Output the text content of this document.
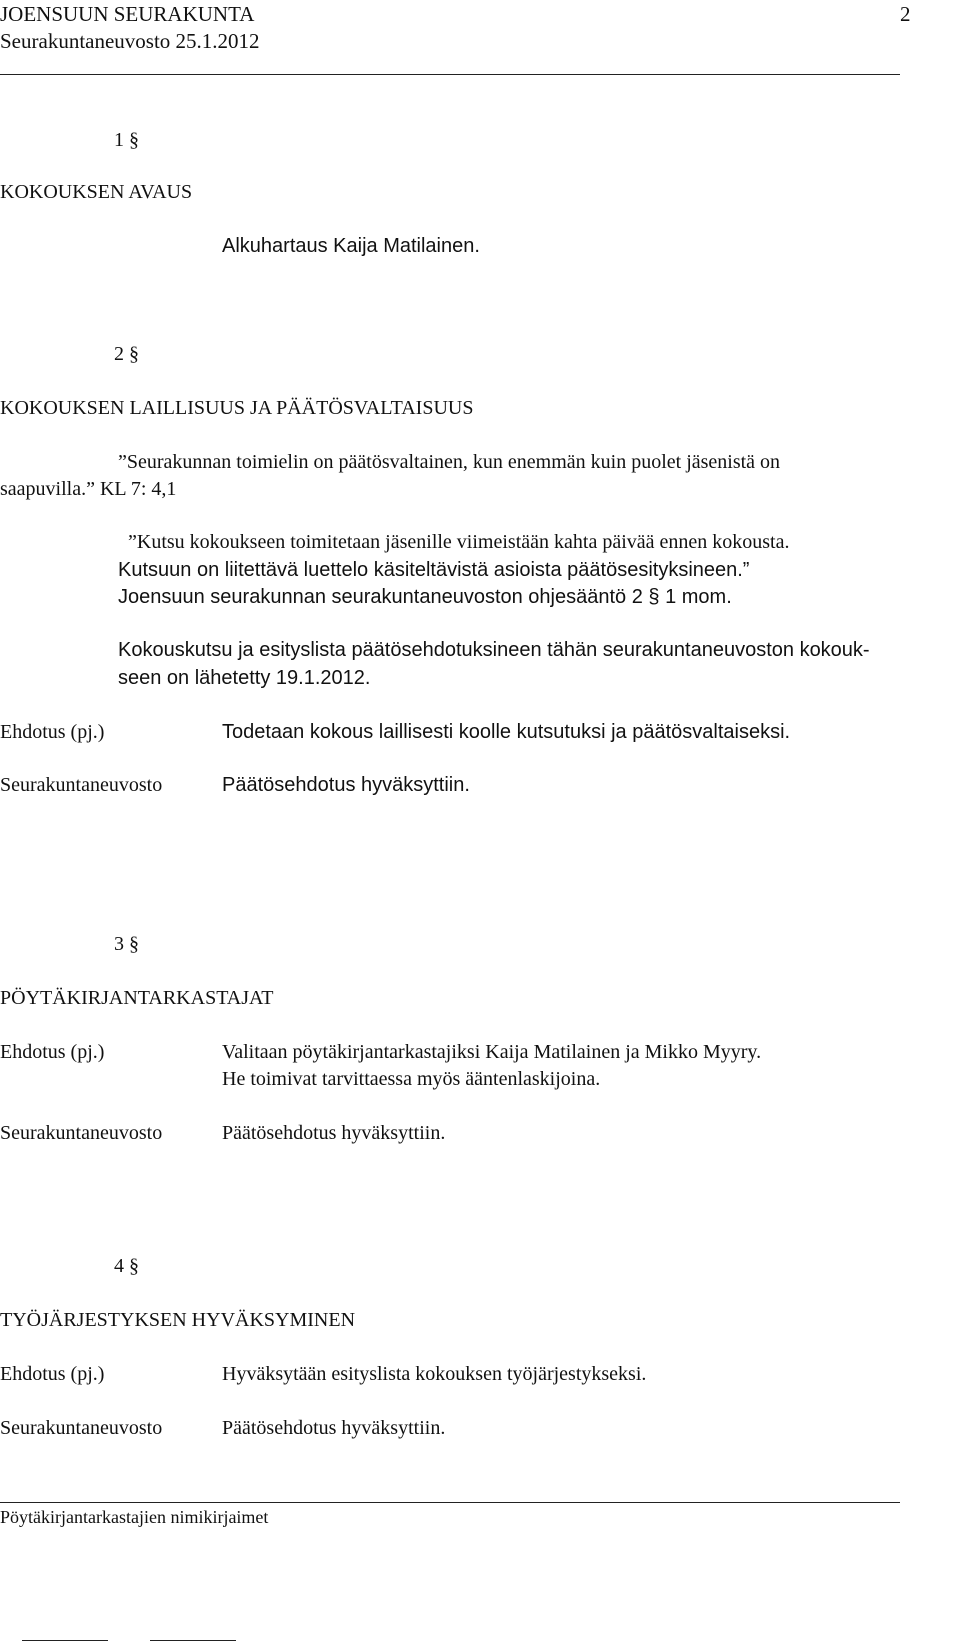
JOENSUUN SEURAKUNTA	2
Seurakuntaneuvosto 25.1.2012
1 §
KOKOUKSEN AVAUS
Alkuhartaus Kaija Matilainen.
2 §
KOKOUKSEN LAILLISUUS JA PÄÄTÖSVALTAISUUS
”Seurakunnan toimielin on päätösvaltainen, kun enemmän kuin puolet jäsenistä on
saapuvilla.” KL 7: 4,1
”Kutsu kokoukseen toimitetaan jäsenille viimeistään kahta päivää ennen kokousta.
Kutsuun on liitettävä luettelo käsiteltävistä asioista päätösesityksineen.”
Joensuun seurakunnan seurakuntaneuvoston ohjesääntö 2 § 1 mom.
Kokouskutsu ja esityslista päätösehdotuksineen tähän seurakuntaneuvoston kokouk-
seen on lähetetty 19.1.2012.
Ehdotus (pj.)	Todetaan kokous laillisesti koolle kutsutuksi ja päätösvaltaiseksi.
Seurakuntaneuvosto	Päätösehdotus hyväksyttiin.
3 §
PÖYTÄKIRJANTARKASTAJAT
Ehdotus (pj.)	Valitaan pöytäkirjantarkastajiksi Kaija Matilainen ja Mikko Myyry.
He toimivat tarvittaessa myös ääntenlaskijoina.
Seurakuntaneuvosto	Päätösehdotus hyväksyttiin.
4 §
TYÖJÄRJESTYKSEN HYVÄKSYMINEN
Ehdotus (pj.)	Hyväksytään esityslista kokouksen työjärjestykseksi.
Seurakuntaneuvosto	Päätösehdotus hyväksyttiin.
Pöytäkirjantarkastajien nimikirjaimet
